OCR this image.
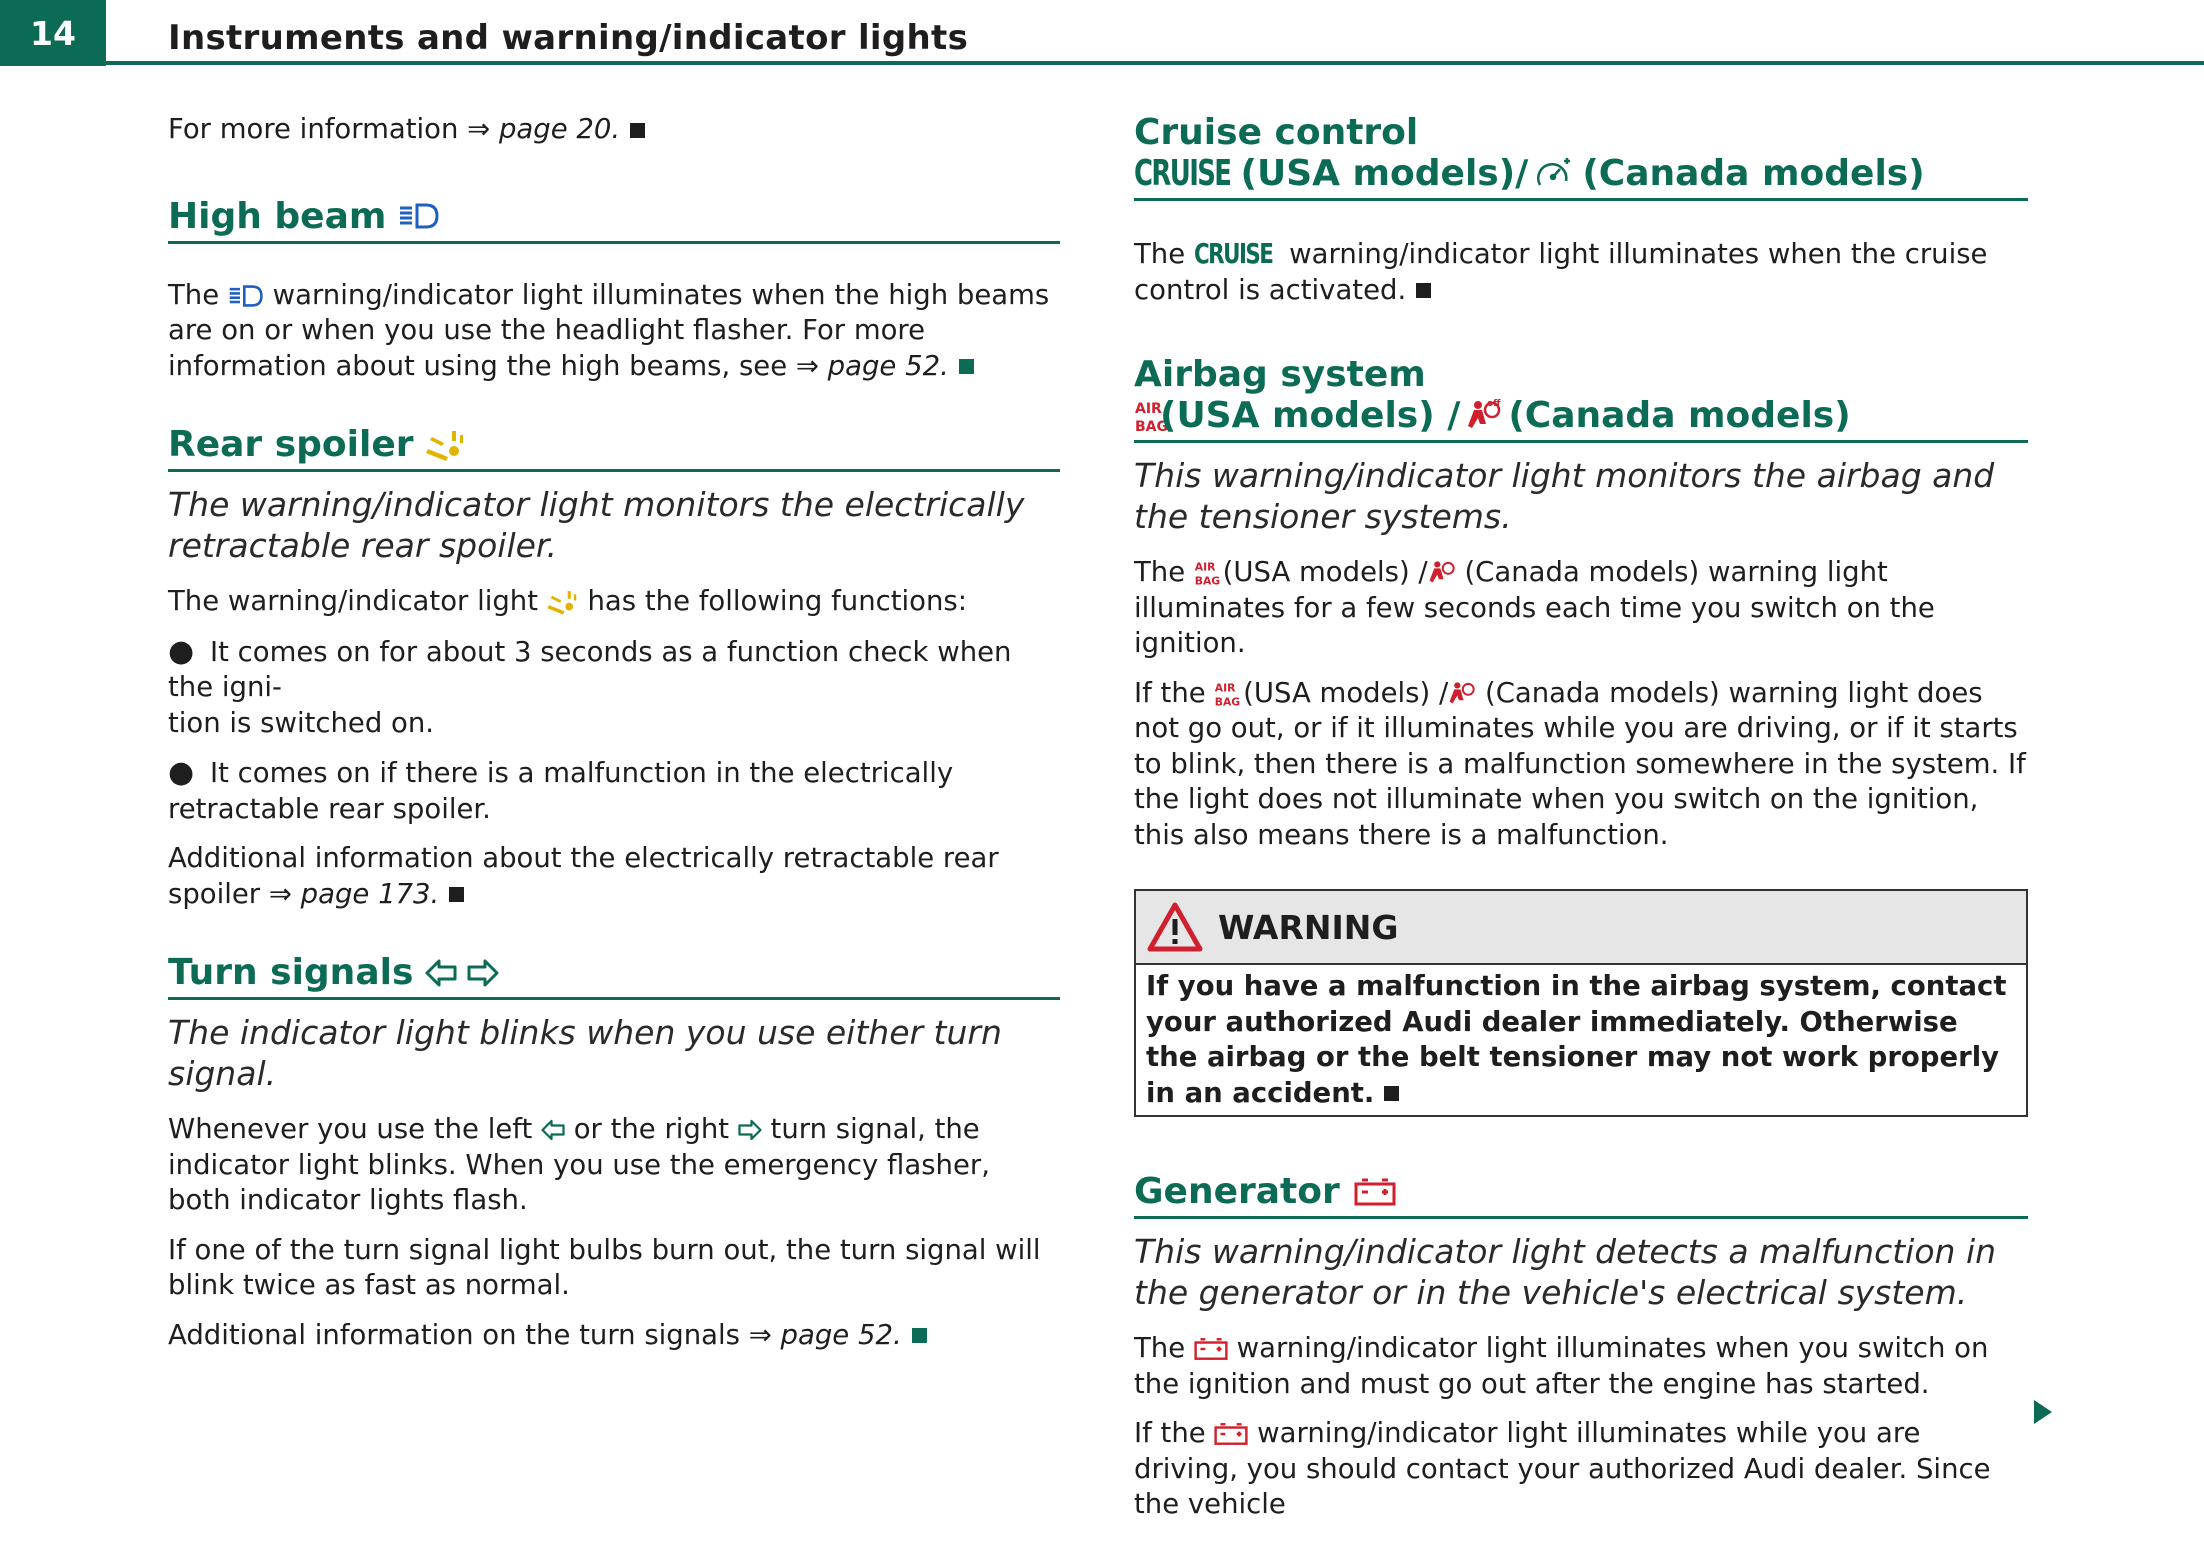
14	Instruments and warning/indicator lights

For more information ⇒ page 20.

High beam

The
warning/indicator light illuminates when the high beams are on or when you use the headlight flasher. For more information about using the high beams, see ⇒ page 52.

Rear spoiler

The warning/indicator light monitors the electrically retractable rear spoiler.

The warning/indicator light
has the following functions:

● It comes on for about 3 seconds as a function check when the igni-
tion is switched on.

● It comes on if there is a malfunction in the electrically retractable rear spoiler.

Additional information about the electrically retractable rear spoiler ⇒ page 173.

Turn signals

The indicator light blinks when you use either turn signal.

Whenever you use the left
or the right
turn signal, the indicator light blinks. When you use the emergency flasher, both indicator lights flash.

If one of the turn signal light bulbs burn out, the turn signal will blink twice as fast as normal.

Additional information on the turn signals ⇒ page 52.

Cruise control
CRUISE (USA models)/ (Canada models)

The CRUISE warning/indicator light illuminates when the cruise control is activated.

Airbag system
AIR
BAG
(USA models) /	off (Canada models)

This warning/indicator light monitors the airbag and the tensioner systems.

The AIR
BAG
(USA models) /
(Canada models) warning light illuminates for a few seconds each time you switch on the ignition.

If the AIR
BAG
(USA models) /
(Canada models) warning light does not go out, or if it illuminates while you are driving, or if it starts to blink, then there is a malfunction somewhere in the system. If the light does not illuminate when you switch on the ignition, this also means there is a malfunction.

WARNING
If you have a malfunction in the airbag system, contact your authorized Audi dealer immediately. Otherwise the airbag or the belt tensioner may not work properly in an accident.
Generator

This warning/indicator light detects a malfunction in the generator or in the vehicle's electrical system.

The
warning/indicator light illuminates when you switch on the ignition and must go out after the engine has started.

If the
warning/indicator light illuminates while you are driving, you should contact your authorized Audi dealer. Since the vehicle
